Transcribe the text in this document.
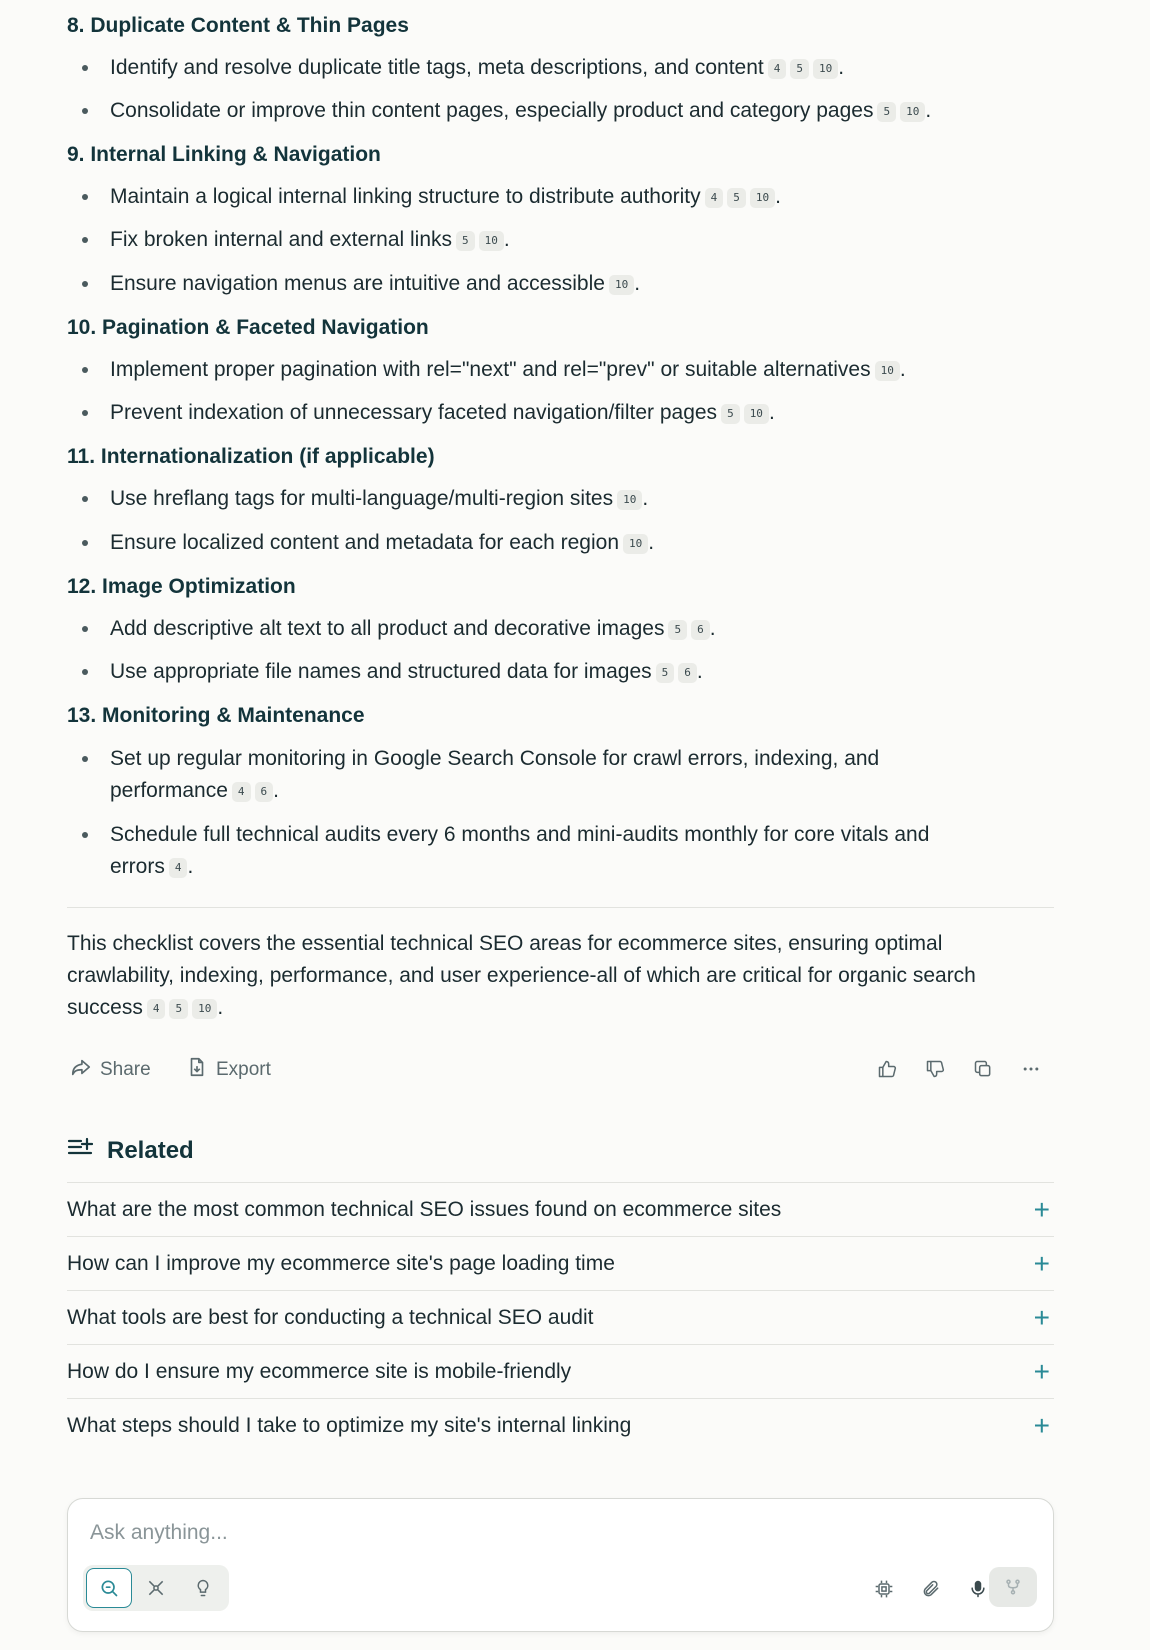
8. Duplicate Content & Thin Pages
Identify and resolve duplicate title tags, meta descriptions, and content 4 5 10 .
Consolidate or improve thin content pages, especially product and category pages 5 10 .
9. Internal Linking & Navigation
Maintain a logical internal linking structure to distribute authority 4 5 10 .
Fix broken internal and external links 5 10 .
Ensure navigation menus are intuitive and accessible 10 .
10. Pagination & Faceted Navigation
Implement proper pagination with rel="next" and rel="prev" or suitable alternatives 10 .
Prevent indexation of unnecessary faceted navigation/filter pages 5 10 .
11. Internationalization (if applicable)
Use hreflang tags for multi-language/multi-region sites 10 .
Ensure localized content and metadata for each region 10 .
12. Image Optimization
Add descriptive alt text to all product and decorative images 5 6 .
Use appropriate file names and structured data for images 5 6 .
13. Monitoring & Maintenance
Set up regular monitoring in Google Search Console for crawl errors, indexing, and performance 4 6 .
Schedule full technical audits every 6 months and mini-audits monthly for core vitals and errors 4 .
This checklist covers the essential technical SEO areas for ecommerce sites, ensuring optimal crawlability, indexing, performance, and user experience-all of which are critical for organic search success 4 5 10 .
Share	Export
Related
What are the most common technical SEO issues found on ecommerce sites	+
How can I improve my ecommerce site's page loading time	+
What tools are best for conducting a technical SEO audit	+
How do I ensure my ecommerce site is mobile-friendly	+
What steps should I take to optimize my site's internal linking	+
Ask anything...
